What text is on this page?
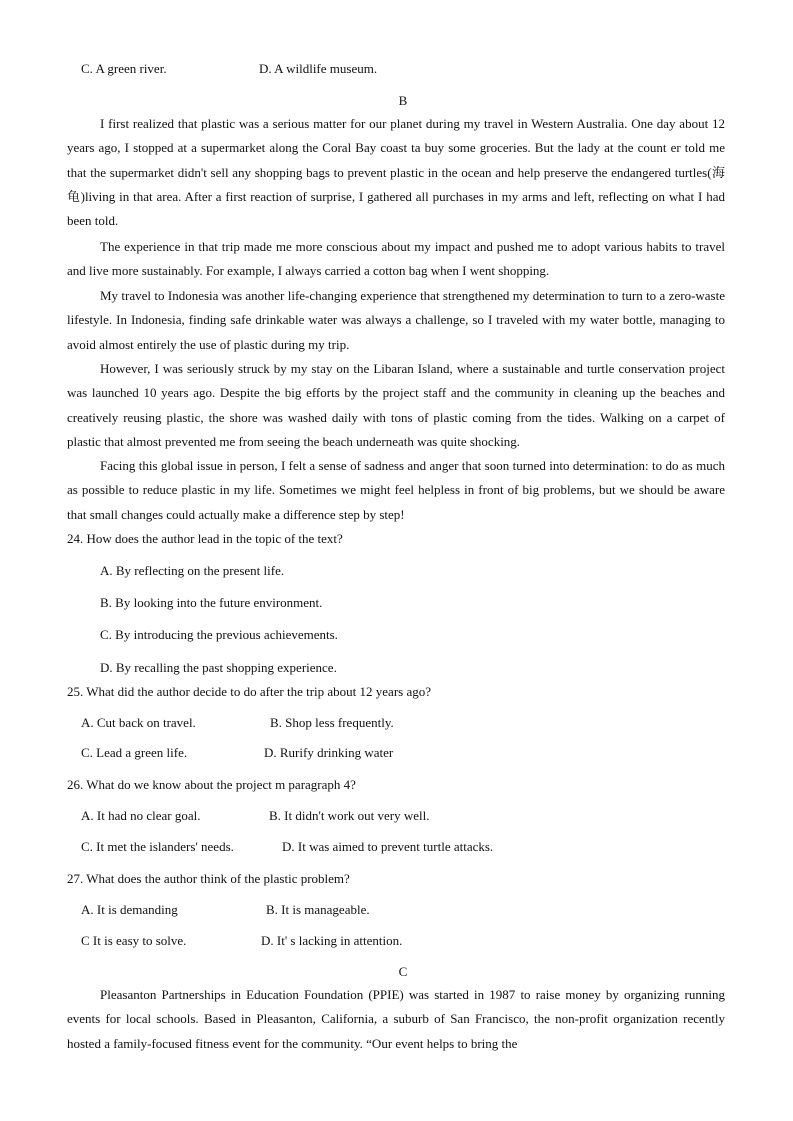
C. A green river.	D. A wildlife museum.
B
I first realized that plastic was a serious matter for our planet during my travel in Western Australia. One day about 12 years ago, I stopped at a supermarket along the Coral Bay coast ta buy some groceries. But the lady at the count er told me that the supermarket didn't sell any shopping bags to prevent plastic in the ocean and help preserve the endangered turtles(海龟)living in that area. After a first reaction of surprise, I gathered all purchases in my arms and left, reflecting on what I had been told.
The experience in that trip made me more conscious about my impact and pushed me to adopt various habits to travel and live more sustainably. For example, I always carried a cotton bag when I went shopping.
My travel to Indonesia was another life-changing experience that strengthened my determination to turn to a zero-waste lifestyle. In Indonesia, finding safe drinkable water was always a challenge, so I traveled with my water bottle, managing to avoid almost entirely the use of plastic during my trip.
However, I was seriously struck by my stay on the Libaran Island, where a sustainable and turtle conservation project was launched 10 years ago. Despite the big efforts by the project staff and the community in cleaning up the beaches and creatively reusing plastic, the shore was washed daily with tons of plastic coming from the tides. Walking on a carpet of plastic that almost prevented me from seeing the beach underneath was quite shocking.
Facing this global issue in person, I felt a sense of sadness and anger that soon turned into determination: to do as much as possible to reduce plastic in my life. Sometimes we might feel helpless in front of big problems, but we should be aware that small changes could actually make a difference step by step!
24. How does the author lead in the topic of the text?
A. By reflecting on the present life.
B. By looking into the future environment.
C. By introducing the previous achievements.
D. By recalling the past shopping experience.
25. What did the author decide to do after the trip about 12 years ago?
A. Cut back on travel.	B. Shop less frequently.
C. Lead a green life.	D. Rurify drinking water
26. What do we know about the project m paragraph 4?
A. It had no clear goal.	B. It didn't work out very well.
C. It met the islanders' needs.	D. It was aimed to prevent turtle attacks.
27. What does the author think of the plastic problem?
A. It is demanding	B. It is manageable.
C It is easy to solve.	D. It' s lacking in attention.
C
Pleasanton Partnerships in Education Foundation (PPIE) was started in 1987 to raise money by organizing running events for local schools. Based in Pleasanton, California, a suburb of San Francisco, the non-profit organization recently hosted a family-focused fitness event for the community. “Our event helps to bring the
